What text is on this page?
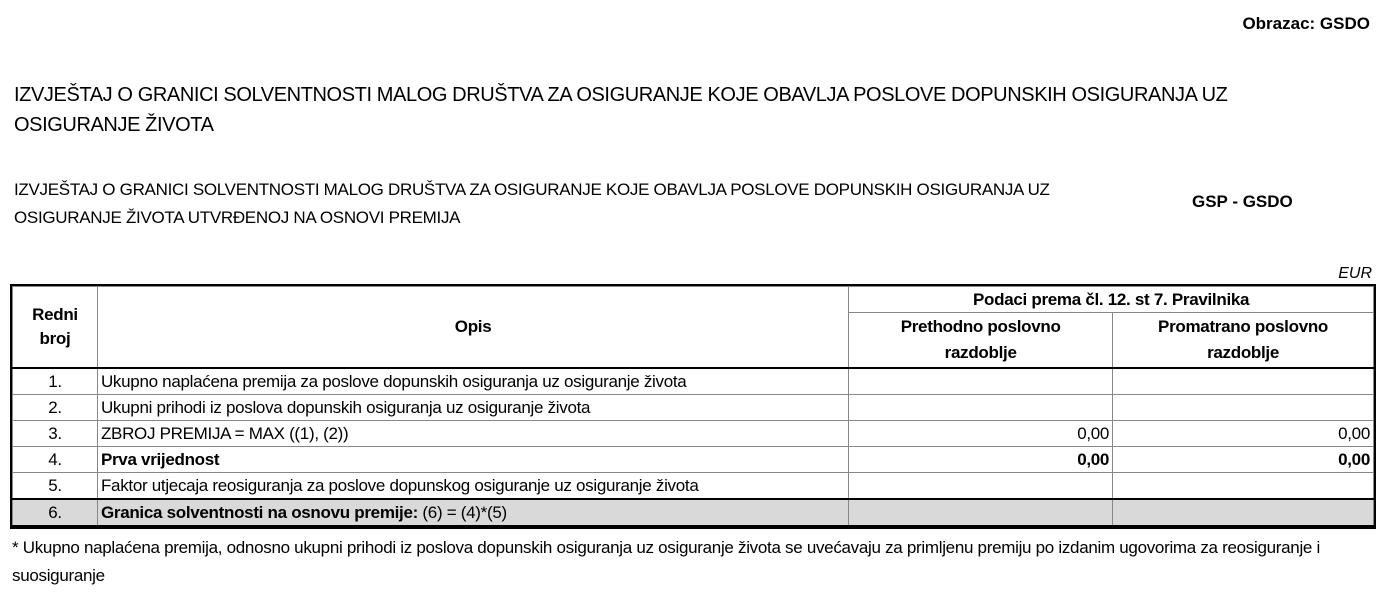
Obrazac: GSDO
IZVJEŠTAJ O GRANICI SOLVENTNOSTI MALOG DRUŠTVA ZA OSIGURANJE KOJE OBAVLJA POSLOVE DOPUNSKIH OSIGURANJA UZ OSIGURANJE ŽIVOTA
IZVJEŠTAJ O GRANICI SOLVENTNOSTI MALOG DRUŠTVA ZA OSIGURANJE KOJE OBAVLJA POSLOVE DOPUNSKIH OSIGURANJA UZ OSIGURANJE ŽIVOTA UTVRĐENOJ NA OSNOVI PREMIJA
GSP - GSDO
EUR
Redni broj	Opis	Podaci prema čl. 12. st 7. Pravilnika	
		Prethodno poslovno razdoblje	Promatrano poslovno razdoblje
1.	Ukupno naplaćena premija za poslove dopunskih osiguranja uz osiguranje života		
2.	Ukupni prihodi iz poslova dopunskih osiguranja uz osiguranje života		
3.	ZBROJ PREMIJA = MAX ((1), (2))	0,00	0,00
4.	Prva vrijednost	0,00	0,00
5.	Faktor utjecaja reosiguranja za poslove dopunskog osiguranje uz osiguranje života		
6.	Granica solventnosti na osnovu premije: (6) = (4)*(5)		
* Ukupno naplaćena premija, odnosno ukupni prihodi iz poslova dopunskih osiguranja uz osiguranje života se uvećavaju za primljenu premiju po izdanim ugovorima za reosiguranje i suosiguranje
